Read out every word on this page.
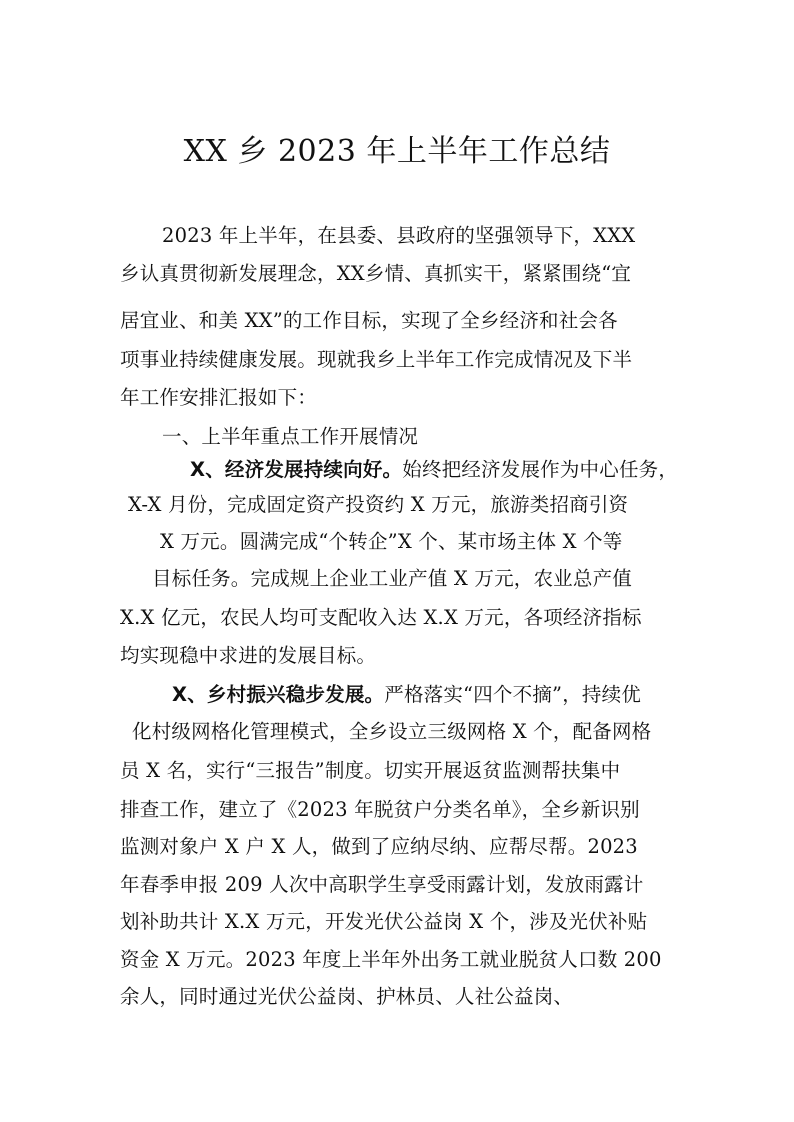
XX 乡 2023 年上半年工作总结
2023 年上半年，在县委、县政府的坚强领导下，XXX
乡认真贯彻新发展理念，XX乡情、真抓实干，紧紧围绕“宜
居宜业、和美 XX”的工作目标，实现了全乡经济和社会各
项事业持续健康发展。现就我乡上半年工作完成情况及下半
年工作安排汇报如下：
一、上半年重点工作开展情况
X、经济发展持续向好。始终把经济发展作为中心任务，
X-X 月份，完成固定资产投资约 X 万元，旅游类招商引资
X 万元。圆满完成“个转企”X 个、某市场主体 X 个等
目标任务。完成规上企业工业产值 X 万元，农业总产值
X.X 亿元，农民人均可支配收入达 X.X 万元，各项经济指标
均实现稳中求进的发展目标。
X、乡村振兴稳步发展。严格落实“四个不摘”，持续优
化村级网格化管理模式，全乡设立三级网格 X 个，配备网格
员 X 名，实行“三报告”制度。切实开展返贫监测帮扶集中
排查工作，建立了《2023 年脱贫户分类名单》，全乡新识别
监测对象户 X 户 X 人，做到了应纳尽纳、应帮尽帮。2023
年春季申报 209 人次中高职学生享受雨露计划，发放雨露计
划补助共计 X.X 万元，开发光伏公益岗 X 个，涉及光伏补贴
资金 X 万元。2023 年度上半年外出务工就业脱贫人口数 200
余人，同时通过光伏公益岗、护林员、人社公益岗、
